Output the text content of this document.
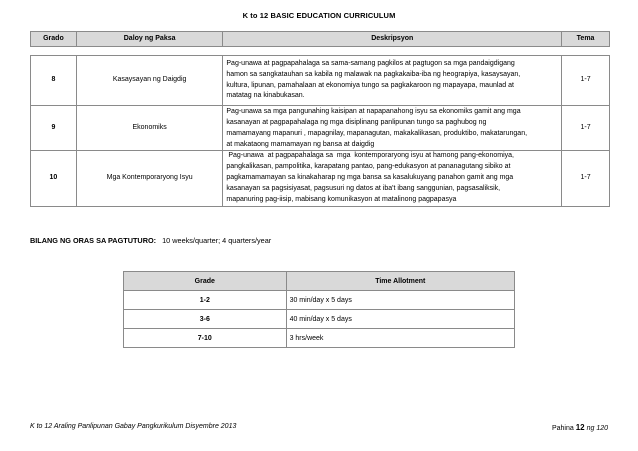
K to 12 BASIC EDUCATION CURRICULUM
Grado	Daloy ng Paksa	Deskripsyon	Tema

8	Kasaysayan ng Daigdig	Pag-unawa at pagpapahalaga sa sama-samang pagkilos at pagtugon sa mga pandaigdigang
hamon sa sangkatauhan sa kabila ng malawak na pagkakaiba-iba ng heograpiya, kasaysayan,
kultura, lipunan, pamahalaan at ekonomiya tungo sa pagkakaroon ng mapayapa, maunlad at
matatag na kinabukasan.	1-7
9	Ekonomiks	Pag-unawa sa mga pangunahing kaisipan at napapanahong isyu sa ekonomiks gamit ang mga
kasanayan at pagpapahalaga ng mga disiplinang panlipunan tungo sa paghubog ng
mamamayang mapanuri , mapagnilay, mapanagutan, makakalikasan, produktibo, makatarungan,
at makataong mamamayan ng bansa at daigdig	1-7
10	Mga Kontemporaryong Isyu	Pag-unawa  at pagpapahalaga sa  mga  kontemporaryong isyu at hamong pang-ekonomiya,
pangkalikasan, pampolitika, karapatang pantao, pang-edukasyon at pananagutang sibiko at
pagkamamamayan sa kinakaharap ng mga bansa sa kasalukuyang panahon gamit ang mga
kasanayan sa pagsisiyasat, pagsusuri ng datos at iba't ibang sanggunian, pagsasaliksik,
mapanuring pag-iisip, mabisang komunikasyon at matalinong pagpapasya	1-7
BILANG NG ORAS SA PAGTUTURO: 10 weeks/quarter; 4 quarters/year
Grade	Time Allotment
1-2	30 min/day x 5 days
3-6	40 min/day x 5 days
7-10	3 hrs/week
K to 12 Araling Panlipunan Gabay Pangkurikulum Disyembre 2013	Pahina 12 ng 120
